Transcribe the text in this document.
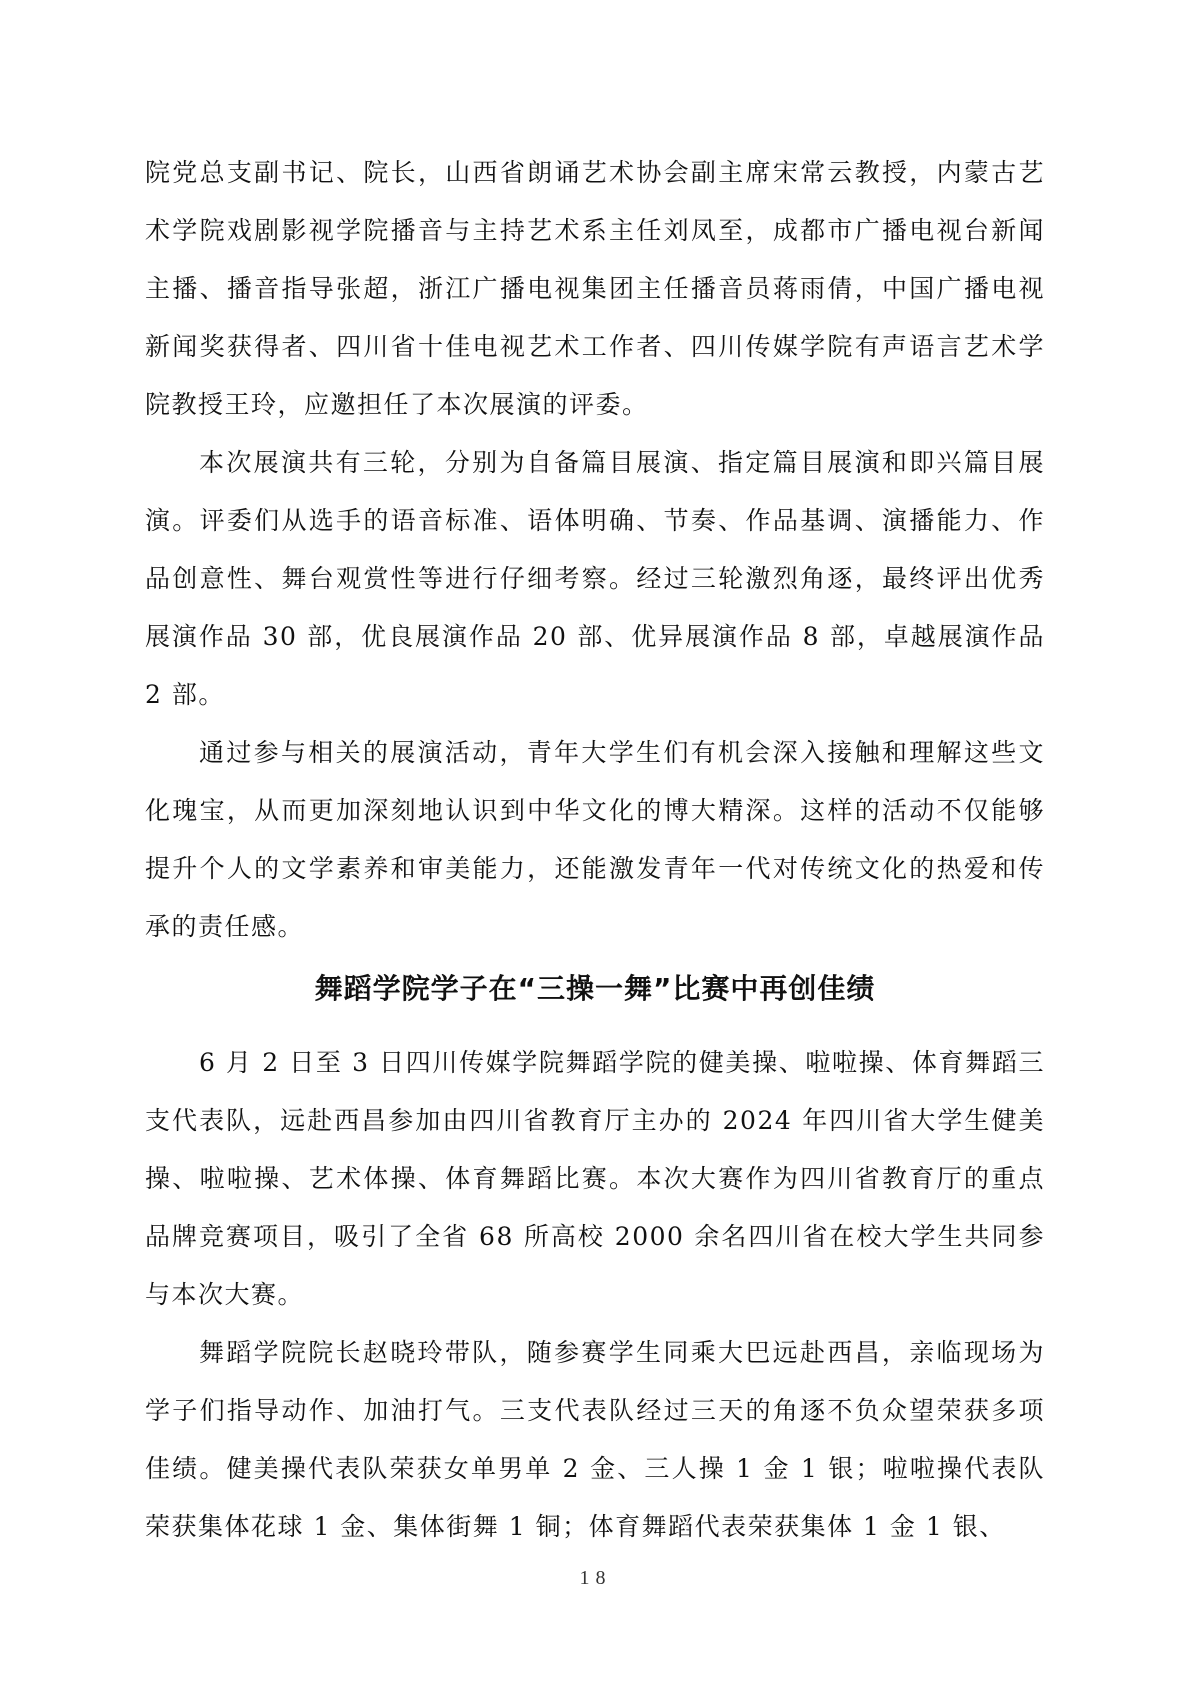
院党总支副书记、院长，山西省朗诵艺术协会副主席宋常云教授，内蒙古艺术学院戏剧影视学院播音与主持艺术系主任刘凤至，成都市广播电视台新闻主播、播音指导张超，浙江广播电视集团主任播音员蒋雨倩，中国广播电视新闻奖获得者、四川省十佳电视艺术工作者、四川传媒学院有声语言艺术学院教授王玲，应邀担任了本次展演的评委。

本次展演共有三轮，分别为自备篇目展演、指定篇目展演和即兴篇目展演。评委们从选手的语音标准、语体明确、节奏、作品基调、演播能力、作品创意性、舞台观赏性等进行仔细考察。经过三轮激烈角逐，最终评出优秀展演作品 30 部，优良展演作品 20 部、优异展演作品 8 部，卓越展演作品 2 部。

通过参与相关的展演活动，青年大学生们有机会深入接触和理解这些文化瑰宝，从而更加深刻地认识到中华文化的博大精深。这样的活动不仅能够提升个人的文学素养和审美能力，还能激发青年一代对传统文化的热爱和传承的责任感。

舞蹈学院学子在“三操一舞”比赛中再创佳绩

6 月 2 日至 3 日四川传媒学院舞蹈学院的健美操、啦啦操、体育舞蹈三支代表队，远赴西昌参加由四川省教育厅主办的 2024 年四川省大学生健美操、啦啦操、艺术体操、体育舞蹈比赛。本次大赛作为四川省教育厅的重点品牌竞赛项目，吸引了全省 68 所高校 2000 余名四川省在校大学生共同参与本次大赛。

舞蹈学院院长赵晓玲带队，随参赛学生同乘大巴远赴西昌，亲临现场为学子们指导动作、加油打气。三支代表队经过三天的角逐不负众望荣获多项佳绩。健美操代表队荣获女单男单 2 金、三人操 1 金 1 银；啦啦操代表队荣获集体花球 1 金、集体街舞 1 铜；体育舞蹈代表荣获集体 1 金 1 银、

18
